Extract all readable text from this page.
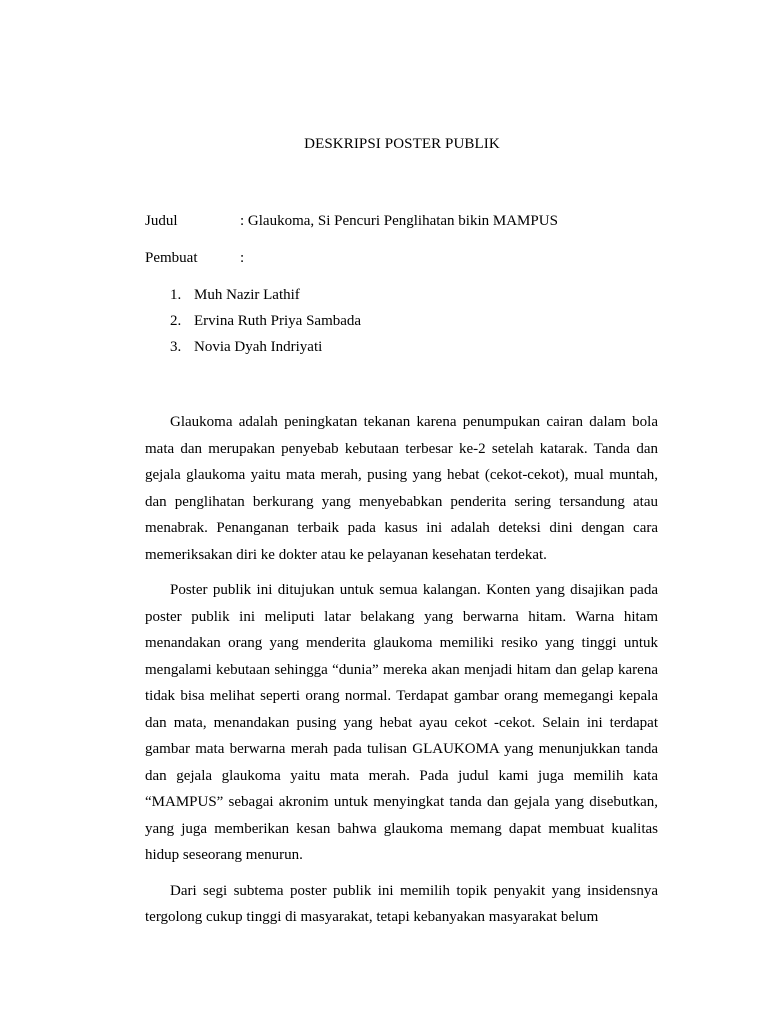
DESKRIPSI POSTER PUBLIK
Judul	: Glaukoma, Si Pencuri Penglihatan bikin MAMPUS
Pembuat	:
1. Muh Nazir Lathif
2. Ervina Ruth Priya Sambada
3. Novia Dyah Indriyati

Glaukoma adalah peningkatan tekanan karena penumpukan cairan dalam bola mata dan merupakan penyebab kebutaan terbesar ke-2 setelah katarak. Tanda dan gejala glaukoma yaitu mata merah, pusing yang hebat (cekot-cekot), mual muntah, dan penglihatan berkurang yang menyebabkan penderita sering tersandung atau menabrak. Penanganan terbaik pada kasus ini adalah deteksi dini dengan cara memeriksakan diri ke dokter atau ke pelayanan kesehatan terdekat.

Poster publik ini ditujukan untuk semua kalangan. Konten yang disajikan pada poster publik ini meliputi latar belakang yang berwarna hitam. Warna hitam menandakan orang yang menderita glaukoma memiliki resiko yang tinggi untuk mengalami kebutaan sehingga “dunia” mereka akan menjadi hitam dan gelap karena tidak bisa melihat seperti orang normal. Terdapat gambar orang memegangi kepala dan mata, menandakan pusing yang hebat ayau cekot -cekot. Selain ini terdapat gambar mata berwarna merah pada tulisan GLAUKOMA yang menunjukkan tanda dan gejala glaukoma yaitu mata merah. Pada judul kami juga memilih kata “MAMPUS” sebagai akronim untuk menyingkat tanda dan gejala yang disebutkan, yang juga memberikan kesan bahwa glaukoma memang dapat membuat kualitas hidup seseorang menurun.

Dari segi subtema poster publik ini memilih topik penyakit yang insidensnya tergolong cukup tinggi di masyarakat, tetapi kebanyakan masyarakat belum
